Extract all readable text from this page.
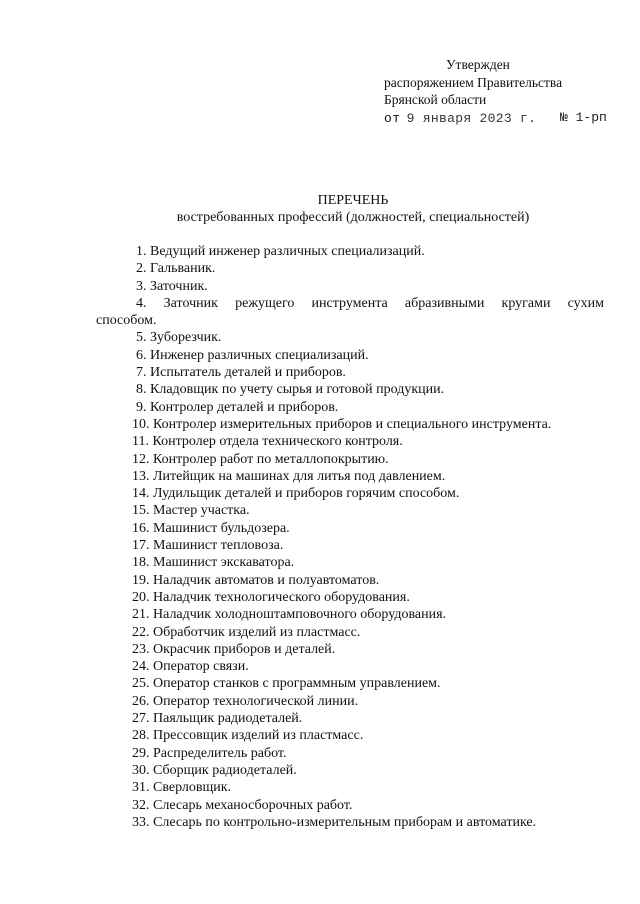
Утвержден
распоряжением Правительства
Брянской области
от 9 января 2023 г. № 1-рп
ПЕРЕЧЕНЬ
востребованных профессий (должностей, специальностей)
1. Ведущий инженер различных специализаций.
2. Гальваник.
3. Заточник.
4. Заточник режущего инструмента абразивными кругами сухим
способом.
5. Зуборезчик.
6. Инженер различных специализаций.
7. Испытатель деталей и приборов.
8. Кладовщик по учету сырья и готовой продукции.
9. Контролер деталей и приборов.
10. Контролер измерительных приборов и специального инструмента.
11. Контролер отдела технического контроля.
12. Контролер работ по металлопокрытию.
13. Литейщик на машинах для литья под давлением.
14. Лудильщик деталей и приборов горячим способом.
15. Мастер участка.
16. Машинист бульдозера.
17. Машинист тепловоза.
18. Машинист экскаватора.
19. Наладчик автоматов и полуавтоматов.
20. Наладчик технологического оборудования.
21. Наладчик холодноштамповочного оборудования.
22. Обработчик изделий из пластмасс.
23. Окрасчик приборов и деталей.
24. Оператор связи.
25. Оператор станков с программным управлением.
26. Оператор технологической линии.
27. Паяльщик радиодеталей.
28. Прессовщик изделий из пластмасс.
29. Распределитель работ.
30. Сборщик радиодеталей.
31. Сверловщик.
32. Слесарь механосборочных работ.
33. Слесарь по контрольно-измерительным приборам и автоматике.
